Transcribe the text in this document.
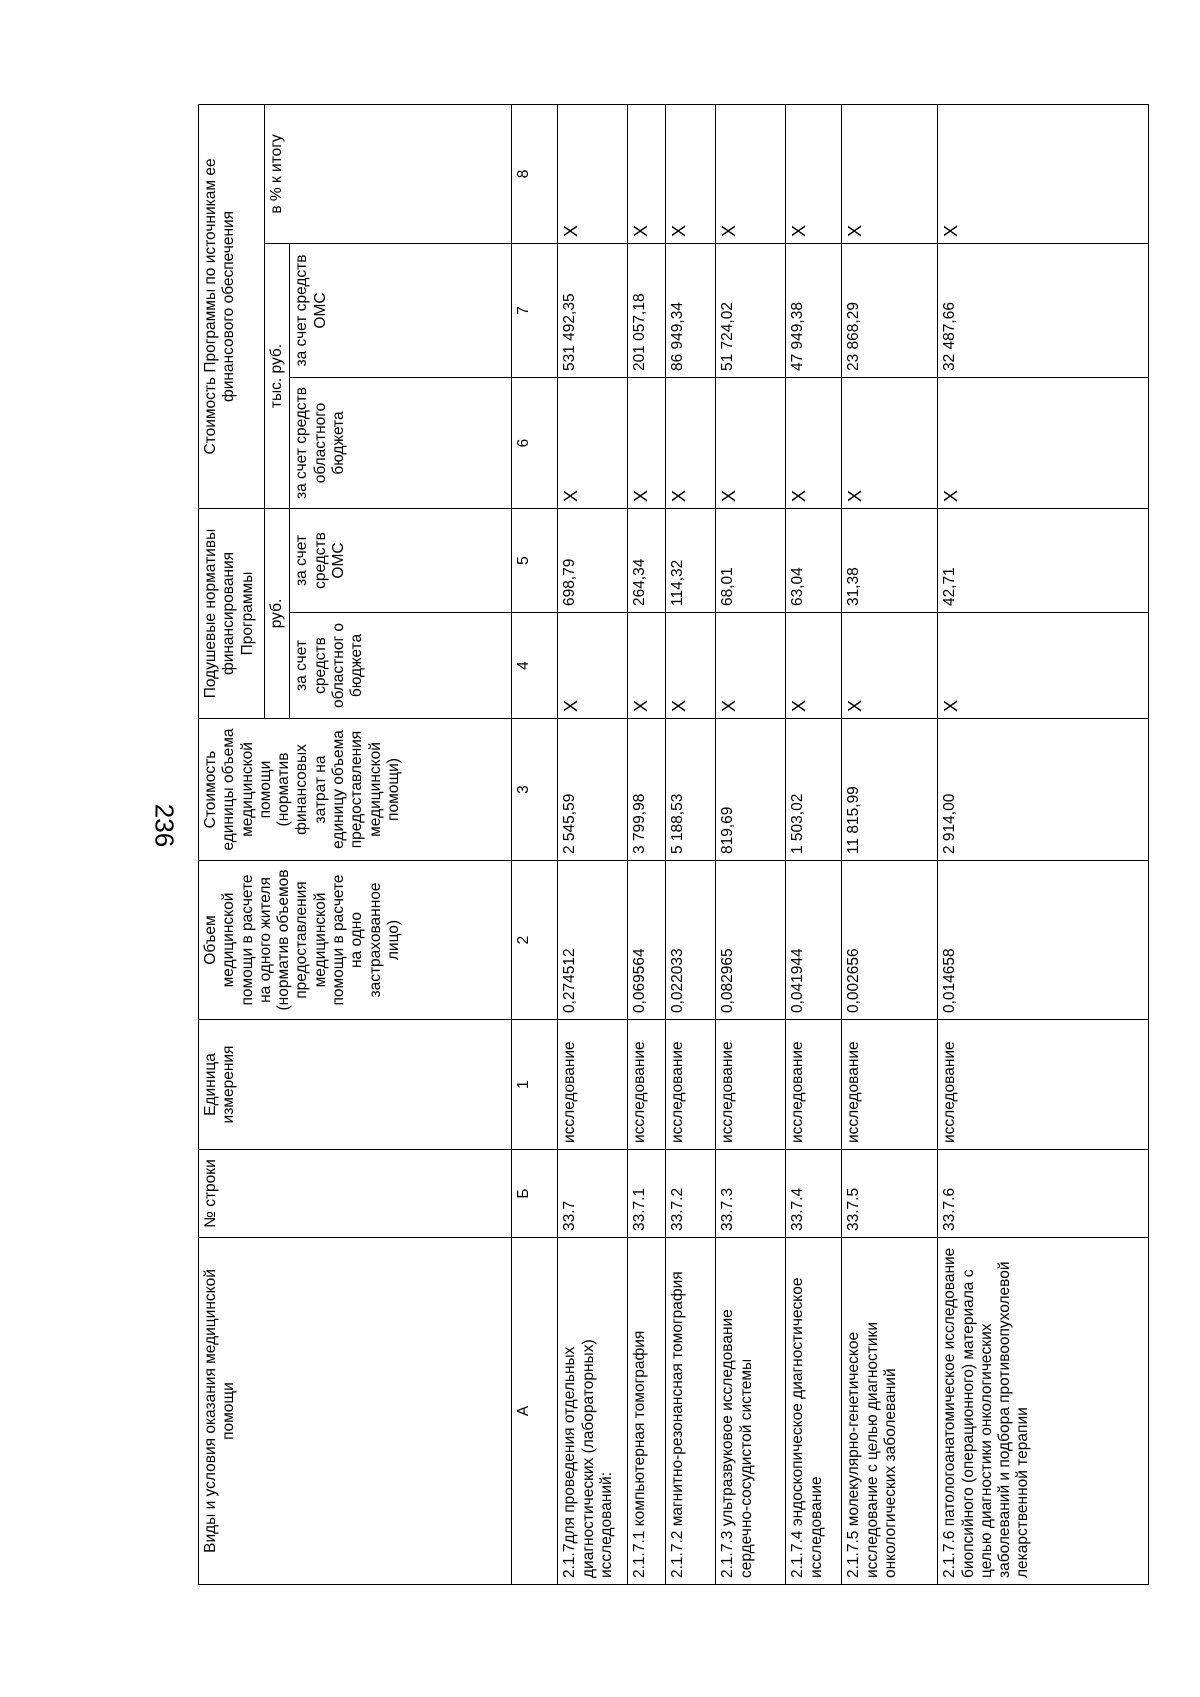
236
Виды и условия оказания медицинской помощи	№ строки	Единица измерения	Объем медицинской помощи в расчете на одного жителя (норматив объемов предоставления медицинской помощи в расчете на одно застрахованное лицо)	Стоимость единицы объема медицинской помощи (норматив финансовых затрат на единицу объема предоставления медицинской помощи)	Подушевые нормативы финансирования Программы		Стоимость Программы по источникам ее финансового обеспечения		
					руб.		тыс. руб.		в % к итогу
					за счет средств областног о бюджета	за счет средств ОМС	за счет средств областного бюджета	за счет средств ОМС	
А	Б	1	2	3	4	5	6	7	8
2.1.7для проведения отдельных диагностических (лабораторных) исследований:	33.7	исследование	0,274512	2 545,59	X	698,79	X	531 492,35	X
2.1.7.1 компьютерная томография	33.7.1	исследование	0,069564	3 799,98	X	264,34	X	201 057,18	X
2.1.7.2 магнитно-резонансная томография	33.7.2	исследование	0,022033	5 188,53	X	114,32	X	86 949,34	X
2.1.7.3 ультразвуковое исследование сердечно-сосудистой системы	33.7.3	исследование	0,082965	819,69	X	68,01	X	51 724,02	X
2.1.7.4 эндоскопическое диагностическое исследование	33.7.4	исследование	0,041944	1 503,02	X	63,04	X	47 949,38	X
2.1.7.5 молекулярно-генетическое исследование с целью диагностики онкологических заболеваний	33.7.5	исследование	0,002656	11 815,99	X	31,38	X	23 868,29	X
2.1.7.6 патологоанатомическое исследование биопсийного (операционного) материала с целью диагностики онкологических заболеваний и подбора противоопухолевой лекарственной терапии	33.7.6	исследование	0,014658	2 914,00	X	42,71	X	32 487,66	X
